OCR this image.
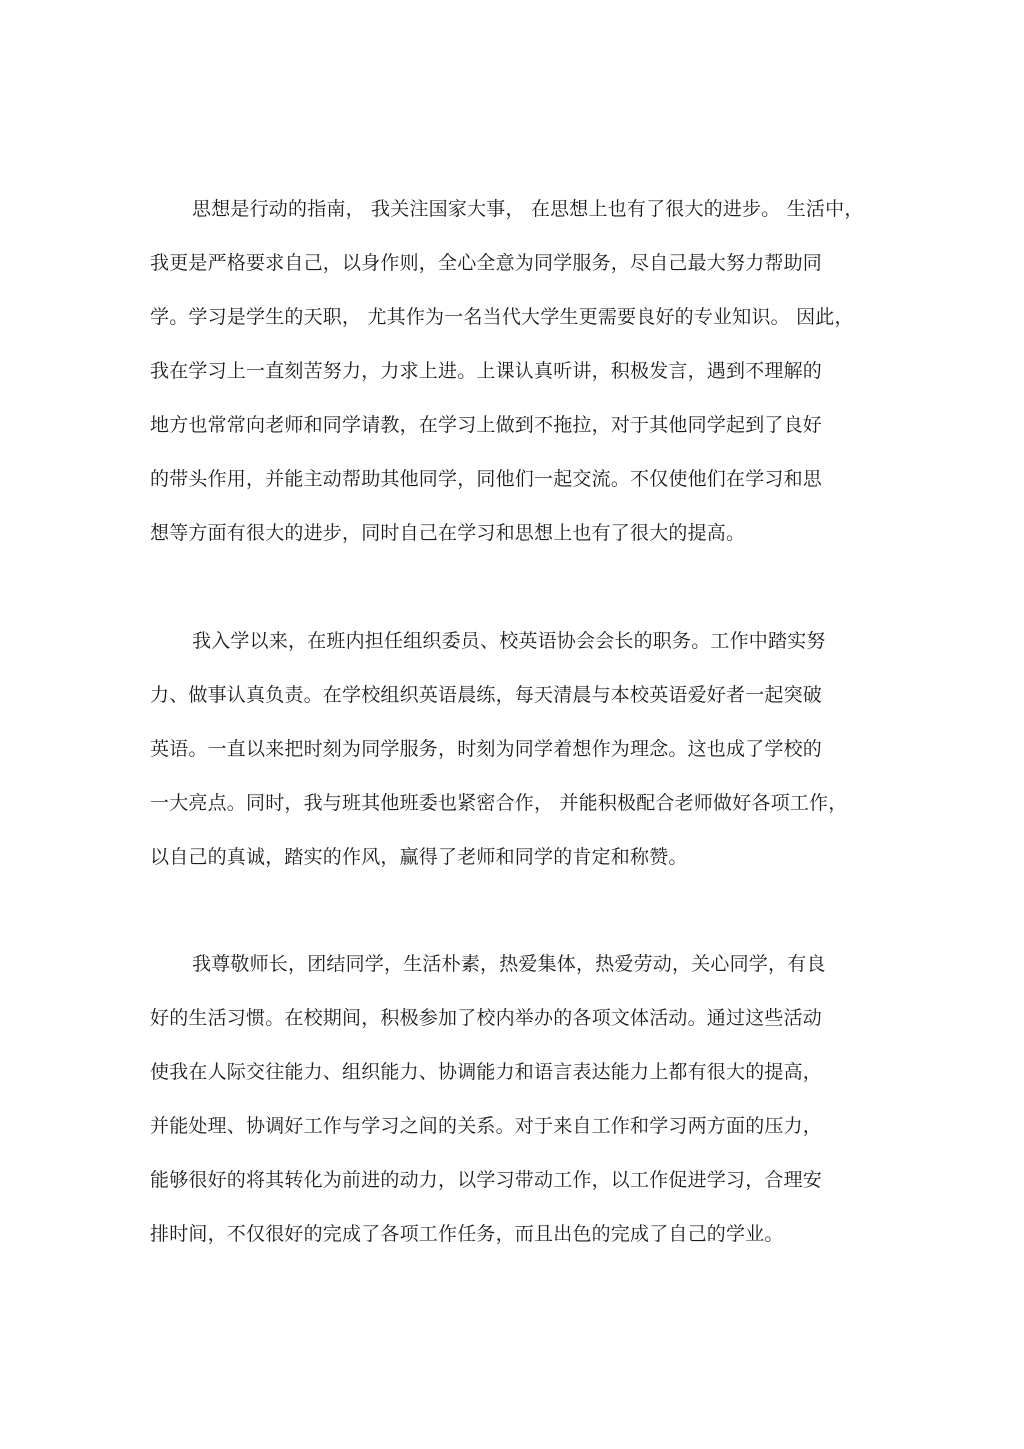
思想是行动的指南， 我关注国家大事， 在思想上也有了很大的进步。 生活中，
我更是严格要求自己，以身作则，全心全意为同学服务，尽自己最大努力帮助同
学。学习是学生的天职， 尤其作为一名当代大学生更需要良好的专业知识。 因此，
我在学习上一直刻苦努力，力求上进。上课认真听讲，积极发言，遇到不理解的
地方也常常向老师和同学请教，在学习上做到不拖拉，对于其他同学起到了良好
的带头作用，并能主动帮助其他同学，同他们一起交流。不仅使他们在学习和思
想等方面有很大的进步，同时自己在学习和思想上也有了很大的提高。
我入学以来，在班内担任组织委员、校英语协会会长的职务。工作中踏实努
力、做事认真负责。在学校组织英语晨练，每天清晨与本校英语爱好者一起突破
英语。一直以来把时刻为同学服务，时刻为同学着想作为理念。这也成了学校的
一大亮点。同时，我与班其他班委也紧密合作， 并能积极配合老师做好各项工作，
以自己的真诚，踏实的作风，赢得了老师和同学的肯定和称赞。
我尊敬师长，团结同学，生活朴素，热爱集体，热爱劳动，关心同学，有良
好的生活习惯。在校期间，积极参加了校内举办的各项文体活动。通过这些活动
使我在人际交往能力、组织能力、协调能力和语言表达能力上都有很大的提高，
并能处理、协调好工作与学习之间的关系。对于来自工作和学习两方面的压力，
能够很好的将其转化为前进的动力，以学习带动工作，以工作促进学习，合理安
排时间，不仅很好的完成了各项工作任务，而且出色的完成了自己的学业。
